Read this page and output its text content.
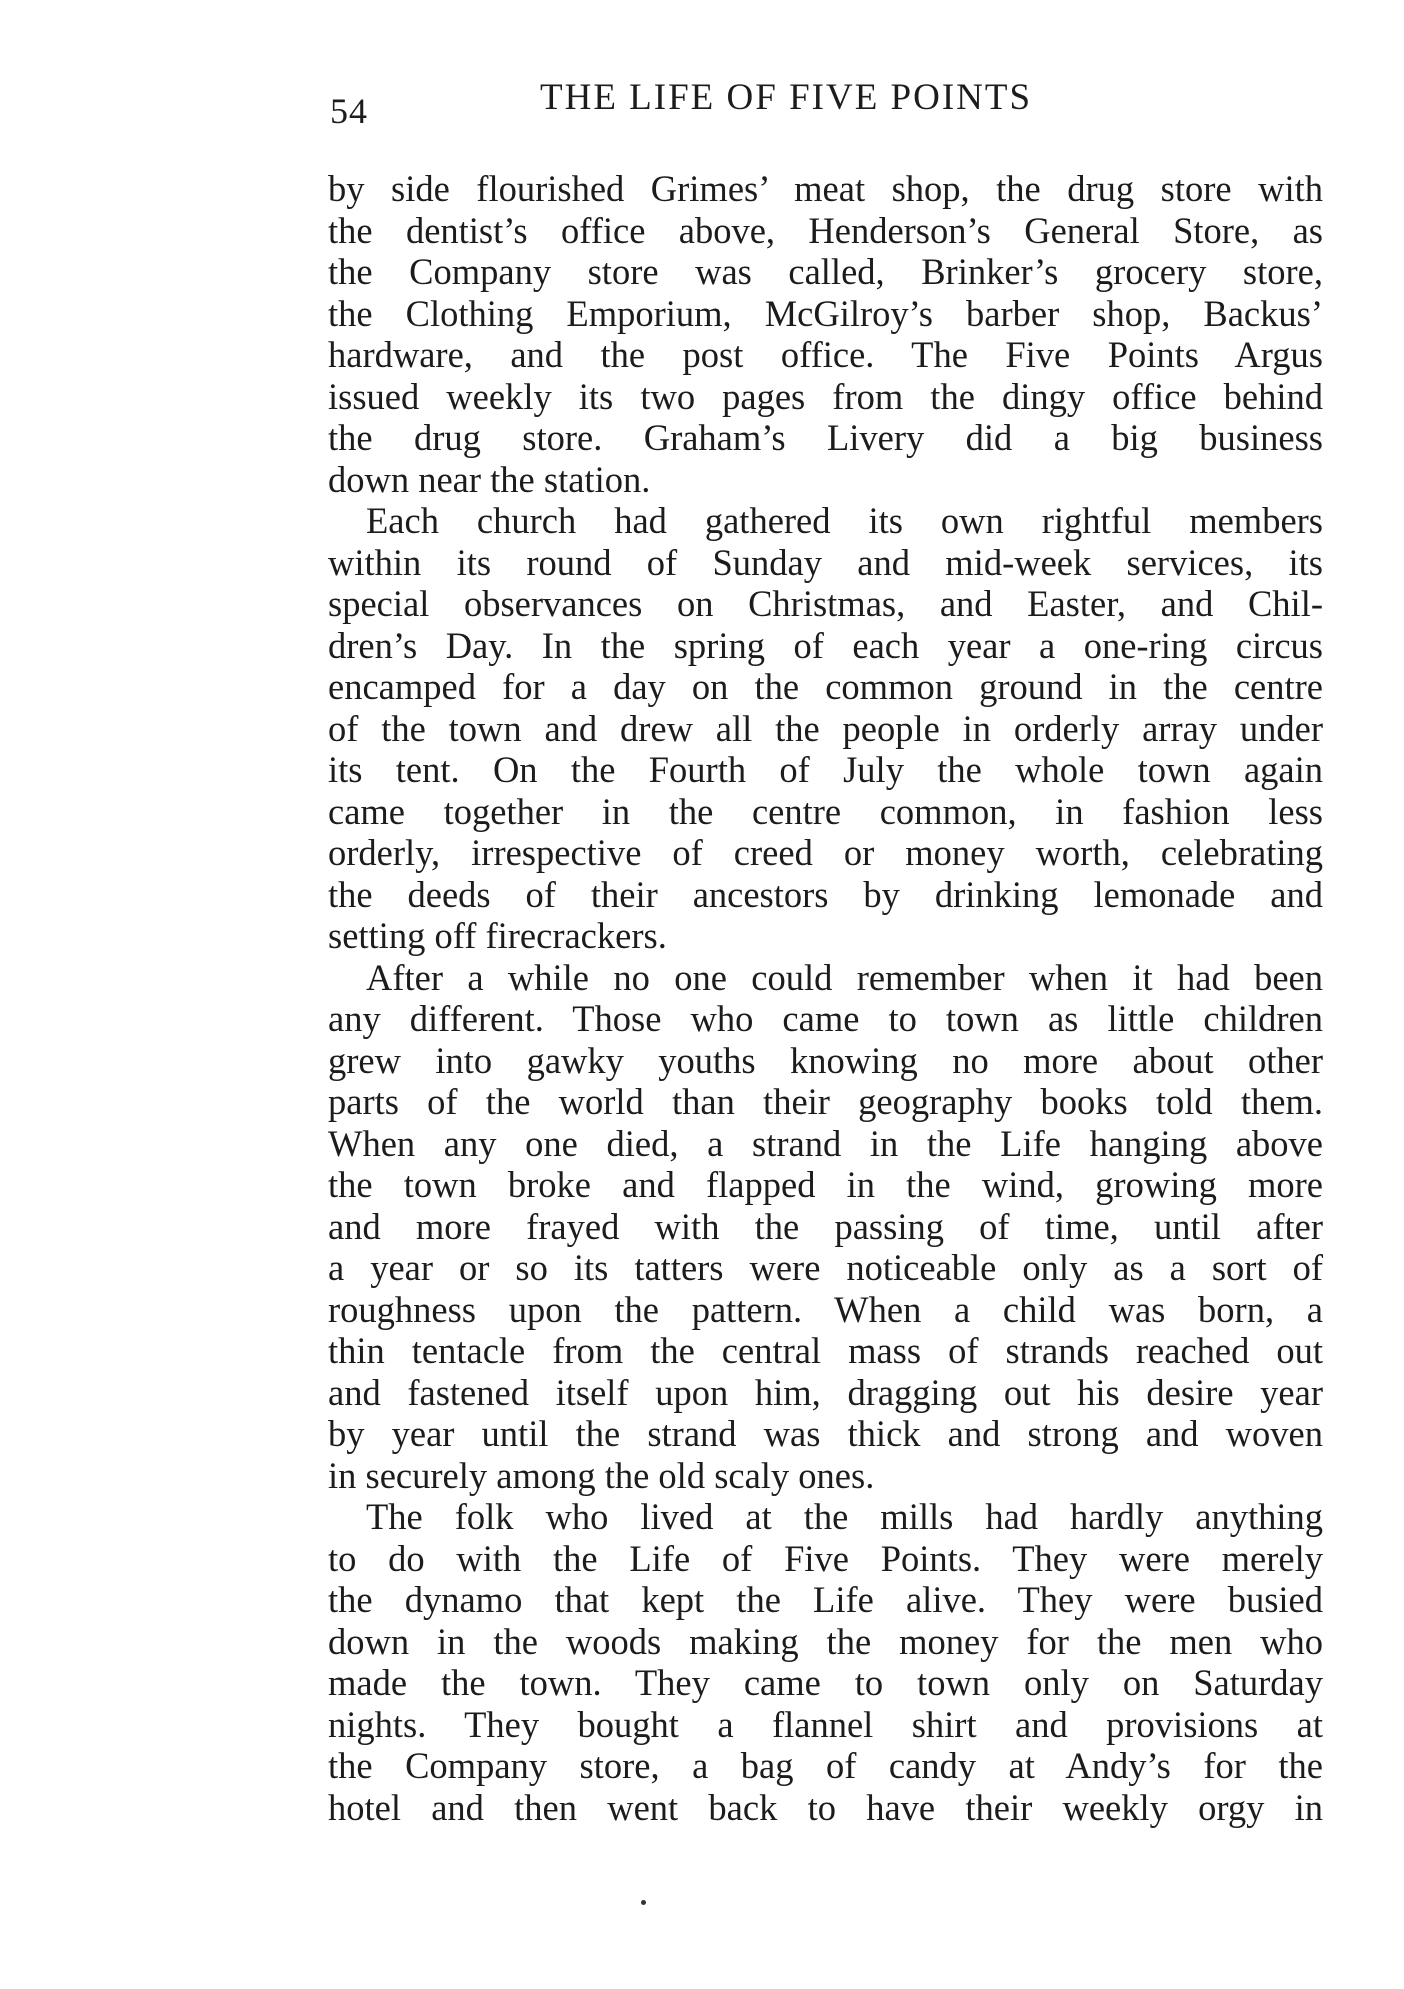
54	THE LIFE OF FIVE POINTS
by side flourished Grimes’ meat shop, the drug store with
the dentist’s office above, Henderson’s General Store, as
the Company store was called, Brinker’s grocery store,
the Clothing Emporium, McGilroy’s barber shop, Backus’
hardware, and the post office. The Five Points Argus
issued weekly its two pages from the dingy office behind
the drug store. Graham’s Livery did a big business
down near the station.
Each church had gathered its own rightful members
within its round of Sunday and mid-week services, its
special observances on Christmas, and Easter, and Chil-
dren’s Day. In the spring of each year a one-ring circus
encamped for a day on the common ground in the centre
of the town and drew all the people in orderly array under
its tent. On the Fourth of July the whole town again
came together in the centre common, in fashion less
orderly, irrespective of creed or money worth, celebrating
the deeds of their ancestors by drinking lemonade and
setting off firecrackers.
After a while no one could remember when it had been
any different. Those who came to town as little children
grew into gawky youths knowing no more about other
parts of the world than their geography books told them.
When any one died, a strand in the Life hanging above
the town broke and flapped in the wind, growing more
and more frayed with the passing of time, until after
a year or so its tatters were noticeable only as a sort of
roughness upon the pattern. When a child was born, a
thin tentacle from the central mass of strands reached out
and fastened itself upon him, dragging out his desire year
by year until the strand was thick and strong and woven
in securely among the old scaly ones.
The folk who lived at the mills had hardly anything
to do with the Life of Five Points. They were merely
the dynamo that kept the Life alive. They were busied
down in the woods making the money for the men who
made the town. They came to town only on Saturday
nights. They bought a flannel shirt and provisions at
the Company store, a bag of candy at Andy’s for the
hotel and then went back to have their weekly orgy in
